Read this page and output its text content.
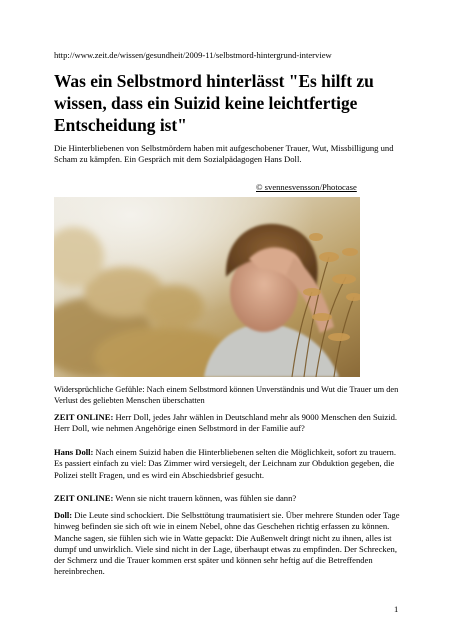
http://www.zeit.de/wissen/gesundheit/2009-11/selbstmord-hintergrund-interview
Was ein Selbstmord hinterlässt "Es hilft zu wissen, dass ein Suizid keine leichtfertige Entscheidung ist"

Die Hinterbliebenen von Selbstmördern haben mit aufgeschobener Trauer, Wut, Missbilligung und Scham zu kämpfen. Ein Gespräch mit dem Sozialpädagogen Hans Doll.

© svennesvensson/Photocase

Widersprüchliche Gefühle: Nach einem Selbstmord können Unverständnis und Wut die Trauer um den Verlust des geliebten Menschen überschatten

ZEIT ONLINE: Herr Doll, jedes Jahr wählen in Deutschland mehr als 9000 Menschen den Suizid. Herr Doll, wie nehmen Angehörige einen Selbstmord in der Familie auf?

Hans Doll: Nach einem Suizid haben die Hinterbliebenen selten die Möglichkeit, sofort zu trauern. Es passiert einfach zu viel: Das Zimmer wird versiegelt, der Leichnam zur Obduktion gegeben, die Polizei stellt Fragen, und es wird ein Abschiedsbrief gesucht.

ZEIT ONLINE: Wenn sie nicht trauern können, was fühlen sie dann?

Doll: Die Leute sind schockiert. Die Selbsttötung traumatisiert sie. Über mehrere Stunden oder Tage hinweg befinden sie sich oft wie in einem Nebel, ohne das Geschehen richtig erfassen zu können. Manche sagen, sie fühlen sich wie in Watte gepackt: Die Außenwelt dringt nicht zu ihnen, alles ist dumpf und unwirklich. Viele sind nicht in der Lage, überhaupt etwas zu empfinden. Der Schrecken, der Schmerz und die Trauer kommen erst später und können sehr heftig auf die Betreffenden hereinbrechen.

1
